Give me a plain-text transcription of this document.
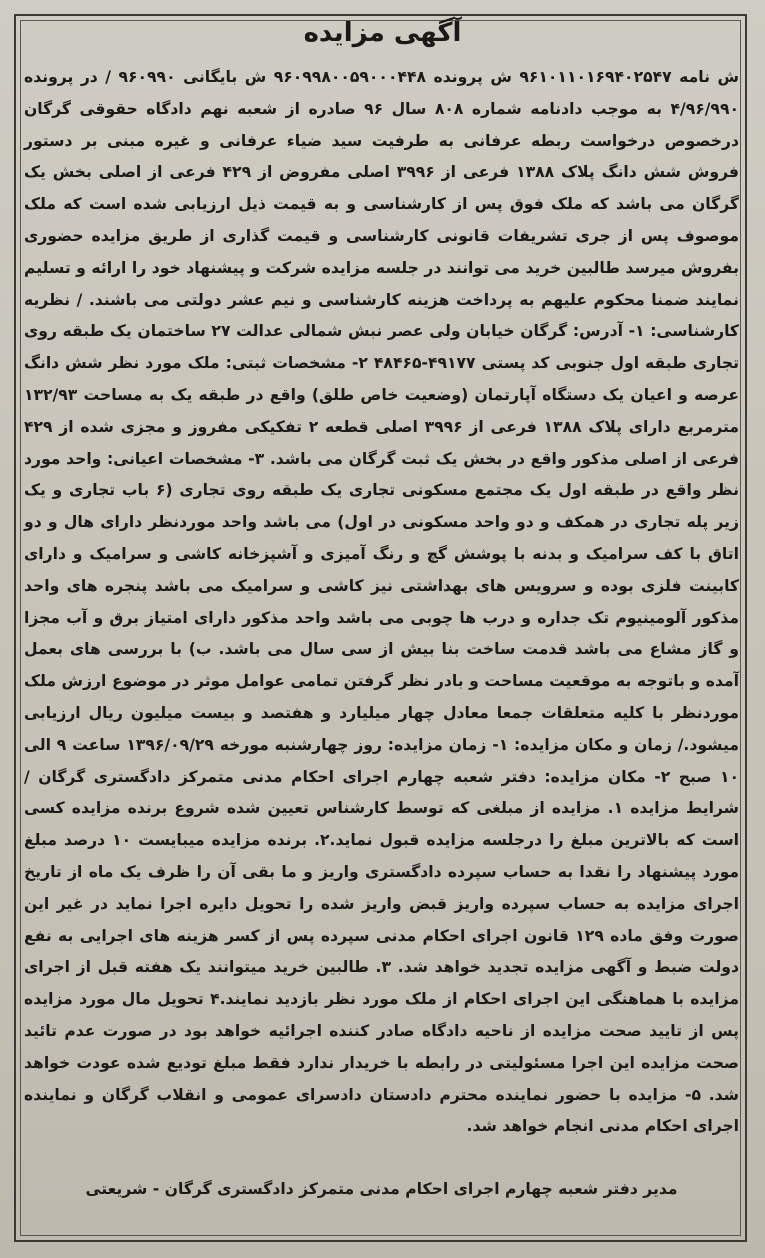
آگهی مزایده
ش نامه ۹۶۱۰۱۱۰۱۶۹۴۰۲۵۴۷ ش پرونده ۹۶۰۹۹۸۰۰۵۹۰۰۰۴۴۸ ش بایگانی ۹۶۰۹۹۰ / در پرونده ۴/۹۶/۹۹۰ به موجب دادنامه شماره ۸۰۸ سال ۹۶ صادره از شعبه نهم دادگاه حقوقی گرگان درخصوص درخواست ربطه عرفانی به طرفیت سید ضیاء عرفانی و غیره مبنی بر دستور فروش شش دانگ پلاک ۱۳۸۸ فرعی از ۳۹۹۶ اصلی مفروض از ۴۲۹ فرعی از اصلی بخش یک گرگان می باشد که ملک فوق پس از کارشناسی و به قیمت ذیل ارزیابی شده است که ملک موصوف پس از جری تشریفات قانونی کارشناسی و قیمت گذاری از طریق مزایده حضوری بفروش میرسد طالبین خرید می توانند در جلسه مزایده شرکت و پیشنهاد خود را ارائه و تسلیم نمایند ضمنا محکوم علیهم به پرداخت هزینه کارشناسی و نیم عشر دولتی می باشند. / نظریه کارشناسی: ۱- آدرس: گرگان خیابان ولی عصر نبش شمالی عدالت ۲۷ ساختمان یک طبقه روی تجاری طبقه اول جنوبی کد پستی ۴۹۱۷۷-۴۸۴۶۵ ۲- مشخصات ثبتی: ملک مورد نظر شش دانگ عرصه و اعیان یک دستگاه آپارتمان (وضعیت خاص طلق) واقع در طبقه یک به مساحت ۱۳۲/۹۳ مترمربع دارای پلاک ۱۳۸۸ فرعی از ۳۹۹۶ اصلی قطعه ۲ تفکیکی مفروز و مجزی شده از ۴۲۹ فرعی از اصلی مذکور واقع در بخش یک ثبت گرگان می باشد. ۳- مشخصات اعیانی: واحد مورد نظر واقع در طبقه اول یک مجتمع مسکونی تجاری یک طبقه روی تجاری (۶ باب تجاری و یک زیر پله تجاری در همکف و دو واحد مسکونی در اول) می باشد واحد موردنظر دارای هال و دو اتاق با کف سرامیک و بدنه با پوشش گچ و رنگ آمیزی و آشپزخانه کاشی و سرامیک و دارای کابینت فلزی بوده و سرویس های بهداشتی نیز کاشی و سرامیک می باشد پنجره های واحد مذکور آلومینیوم تک جداره و درب ها چوبی می باشد واحد مذکور دارای امتیاز برق و آب مجزا و گاز مشاع می باشد قدمت ساخت بنا بیش از سی سال می باشد. ب) با بررسی های بعمل آمده و باتوجه به موقعیت مساحت و بادر نظر گرفتن تمامی عوامل موثر در موضوع ارزش ملک موردنظر با کلیه متعلقات جمعا معادل چهار میلیارد و هفتصد و بیست میلیون ریال ارزیابی میشود./ زمان و مکان مزایده: ۱- زمان مزایده: روز چهارشنبه مورخه ۱۳۹۶/۰۹/۲۹ ساعت ۹ الی ۱۰ صبح ۲- مکان مزایده: دفتر شعبه چهارم اجرای احکام مدنی متمرکز دادگستری گرگان / شرایط مزایده ۱. مزایده از مبلغی که توسط کارشناس تعیین شده شروع برنده مزایده کسی است که بالاترین مبلغ را درجلسه مزایده قبول نماید.۲. برنده مزایده میبایست ۱۰ درصد مبلغ مورد پیشنهاد را نقدا به حساب سپرده دادگستری واریز و ما بقی آن را ظرف یک ماه از تاریخ اجرای مزایده به حساب سپرده واریز قبض واریز شده را تحویل دایره اجرا نماید در غیر این صورت وفق ماده ۱۲۹ قانون اجرای احکام مدنی سپرده پس از کسر هزینه های اجرایی به نفع دولت ضبط و آگهی مزایده تجدید خواهد شد. ۳. طالبین خرید میتوانند یک هفته قبل از اجرای مزایده با هماهنگی این اجرای احکام از ملک مورد نظر بازدید نمایند.۴ تحویل مال مورد مزایده پس از تایید صحت مزایده از ناحیه دادگاه صادر کننده اجرائیه خواهد بود در صورت عدم تائید صحت مزایده این اجرا مسئولیتی در رابطه با خریدار ندارد فقط مبلغ تودیع شده عودت خواهد شد. ۵- مزایده با حضور نماینده محترم دادستان دادسرای عمومی و انقلاب گرگان و نماینده اجرای احکام مدنی انجام خواهد شد.
مدیر دفتر شعبه چهارم اجرای احکام مدنی متمرکز دادگستری گرگان - شریعتی
